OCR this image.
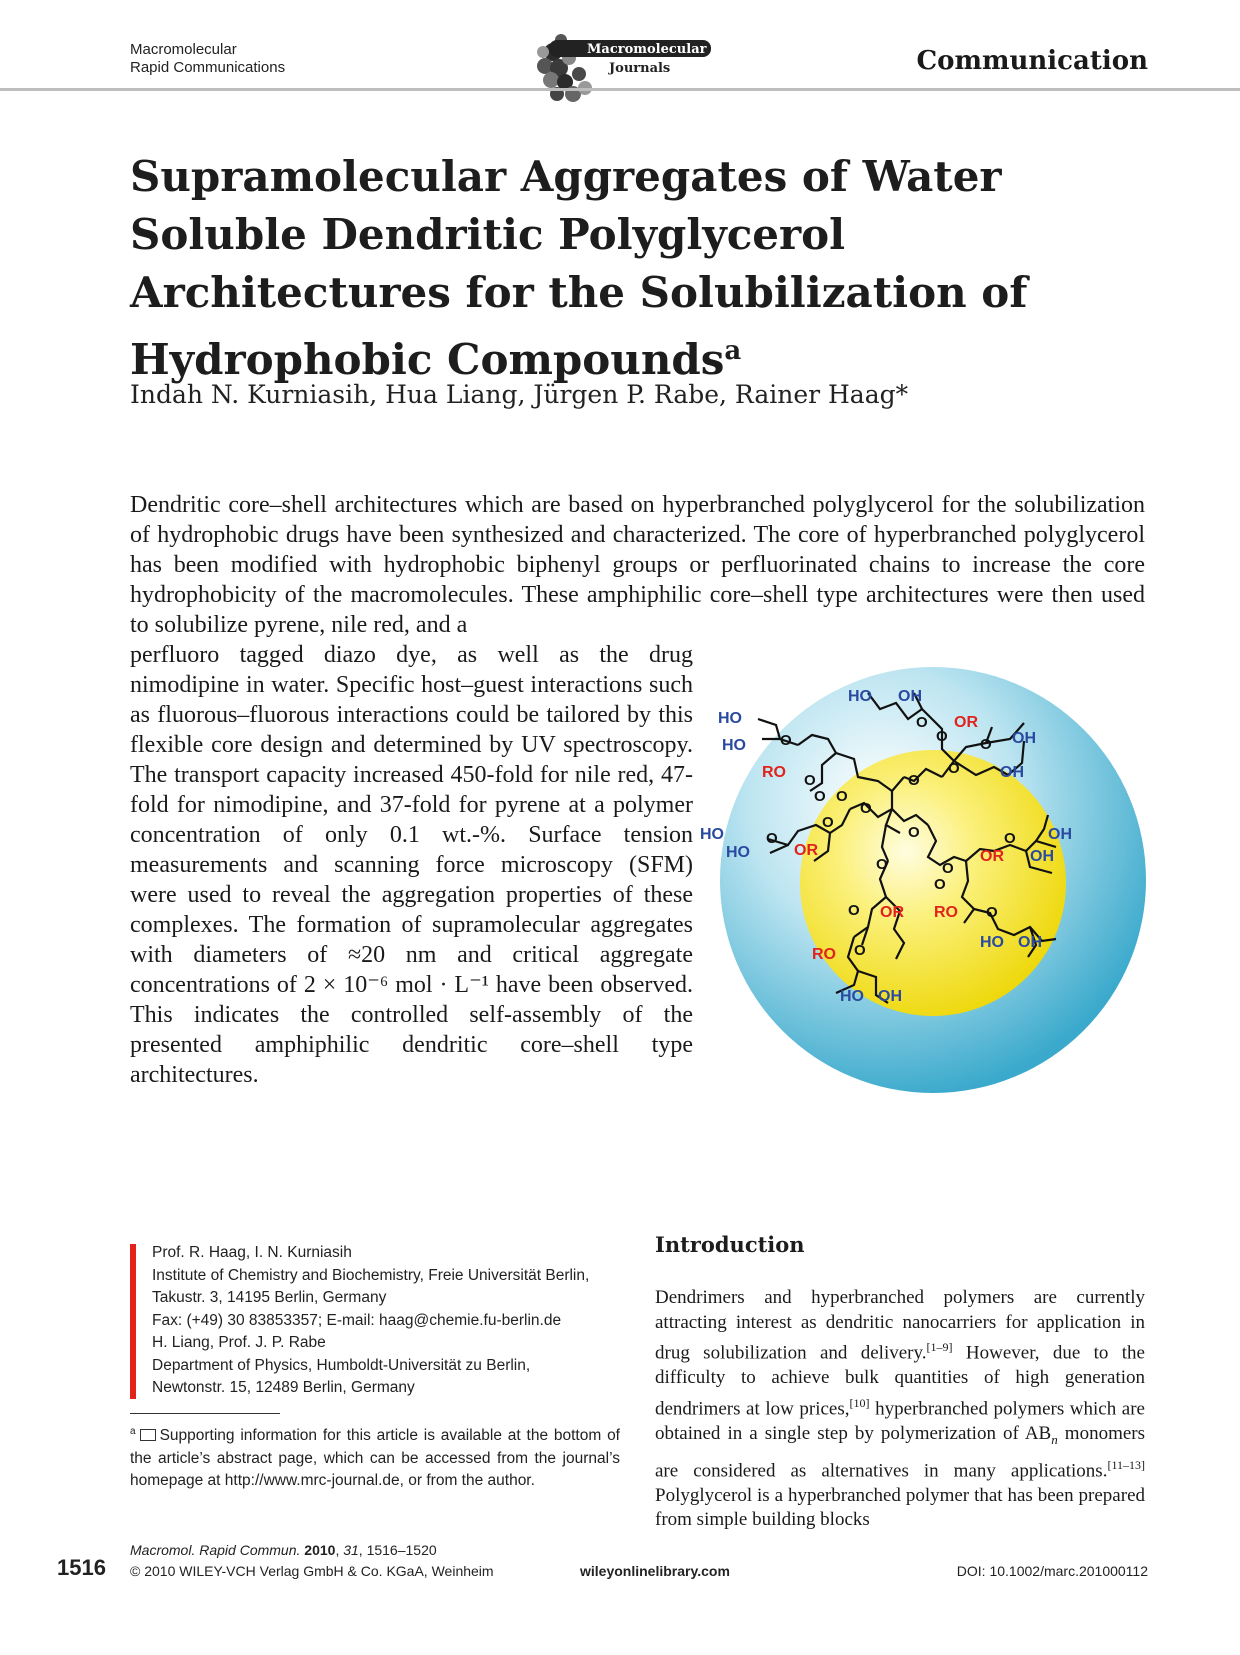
Macromolecular
Rapid Communications
Macromolecular
Journals	Communication
Supramolecular Aggregates of Water Soluble Dendritic Polyglycerol Architectures for the Solubilization of Hydrophobic Compounds$^a$
Indah N. Kurniasih, Hua Liang, Jürgen P. Rabe, Rainer Haag*
Dendritic core–shell architectures which are based on hyperbranched polyglycerol for the solubilization of hydrophobic drugs have been synthesized and characterized. The core of hyperbranched polyglycerol has been modified with hydrophobic biphenyl groups or perfluorinated chains to increase the core hydrophobicity of the macromolecules. These amphiphilic core–shell type architectures were then used to solubilize pyrene, nile red, and a
perfluoro tagged diazo dye, as well as the drug nimodipine in water. Specific host–guest interactions such as fluorous–fluorous interactions could be tailored by this flexible core design and determined by UV spectroscopy. The transport capacity increased 450-fold for nile red, 47-fold for nimodipine, and 37-fold for pyrene at a polymer concentration of only 0.1 wt.-%. Surface tension measurements and scanning force microscopy (SFM) were used to reveal the aggregation properties of these complexes. The formation of supramolecular aggregates with diameters of ≈20 nm and critical aggregate concentrations of 2 × 10⁻⁶ mol · L⁻¹ have been observed. This indicates the controlled self-assembly of the presented amphiphilic dendritic core–shell type architectures.
HO OH
OR
HO
HO
RO
OH
OH
HO
HO	OR	OR
OH
OH
OR RO
HO OH
RO
HO OH
O
O
O
O
O
O
O O
O
O
O
O
O
O
O
O
O
O	O
O
Prof. R. Haag, I. N. Kurniasih
Institute of Chemistry and Biochemistry, Freie Universität Berlin,
Takustr. 3, 14195 Berlin, Germany
Fax: (+49) 30 83853357; E-mail: haag@chemie.fu-berlin.de
H. Liang, Prof. J. P. Rabe
Department of Physics, Humboldt-Universität zu Berlin,
Newtonstr. 15, 12489 Berlin, Germany
$^a$ Supporting information for this article is available at the bottom of the article’s abstract page, which can be accessed from the journal’s homepage at http://www.mrc-journal.de, or from the author.
Introduction
Dendrimers and hyperbranched polymers are currently attracting interest as dendritic nanocarriers for application in drug solubilization and delivery.[1–9] However, due to the difficulty to achieve bulk quantities of high generation dendrimers at low prices,[10] hyperbranched polymers which are obtained in a single step by polymerization of $AB_n$ monomers are considered as alternatives in many applications.[11–13] Polyglycerol is a hyperbranched polymer that has been prepared from simple building blocks
1516
Macromol. Rapid Commun. 2010, 31, 1516–1520
© 2010 WILEY-VCH Verlag GmbH & Co. KGaA, Weinheim	wileyonlinelibrary.com	DOI: 10.1002/marc.201000112
